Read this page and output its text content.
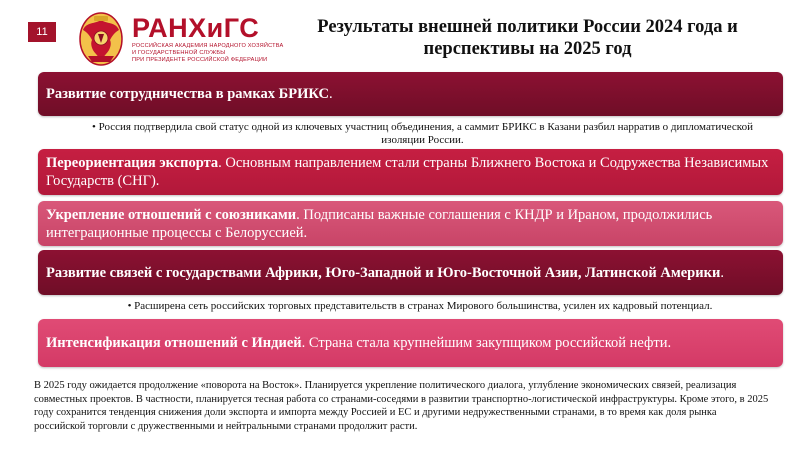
11	РАНХиГС
РОССИЙСКАЯ АКАДЕМИЯ НАРОДНОГО ХОЗЯЙСТВА
И ГОСУДАРСТВЕННОЙ СЛУЖБЫ
ПРИ ПРЕЗИДЕНТЕ РОССИЙСКОЙ ФЕДЕРАЦИИ
Результаты внешней политики России 2024 года и перспективы на 2025 год
Развитие сотрудничества в рамках БРИКС.
• Россия подтвердила свой статус одной из ключевых участниц объединения, а саммит БРИКС в Казани разбил нарратив о дипломатической изоляции России.
Переориентация экспорта. Основным направлением стали страны Ближнего Востока и Содружества Независимых Государств (СНГ).
Укрепление отношений с союзниками. Подписаны важные соглашения с КНДР и Ираном, продолжились интеграционные процессы с Белоруссией.
Развитие связей с государствами Африки, Юго-Западной и Юго-Восточной Азии, Латинской Америки.
• Расширена сеть российских торговых представительств в странах Мирового большинства, усилен их кадровый потенциал.
Интенсификация отношений с Индией. Страна стала крупнейшим закупщиком российской нефти.
В 2025 году ожидается продолжение «поворота на Восток». Планируется укрепление политического диалога, углубление экономических связей, реализация совместных проектов. В частности, планируется тесная работа со странами-соседями в развитии транспортно-логистической инфраструктуры. Кроме этого, в 2025 году сохранится тенденция снижения доли экспорта и импорта между Россией и ЕС и другими недружественными странами, в то время как доля рынка российской торговли с дружественными и нейтральными странами продолжит расти.
